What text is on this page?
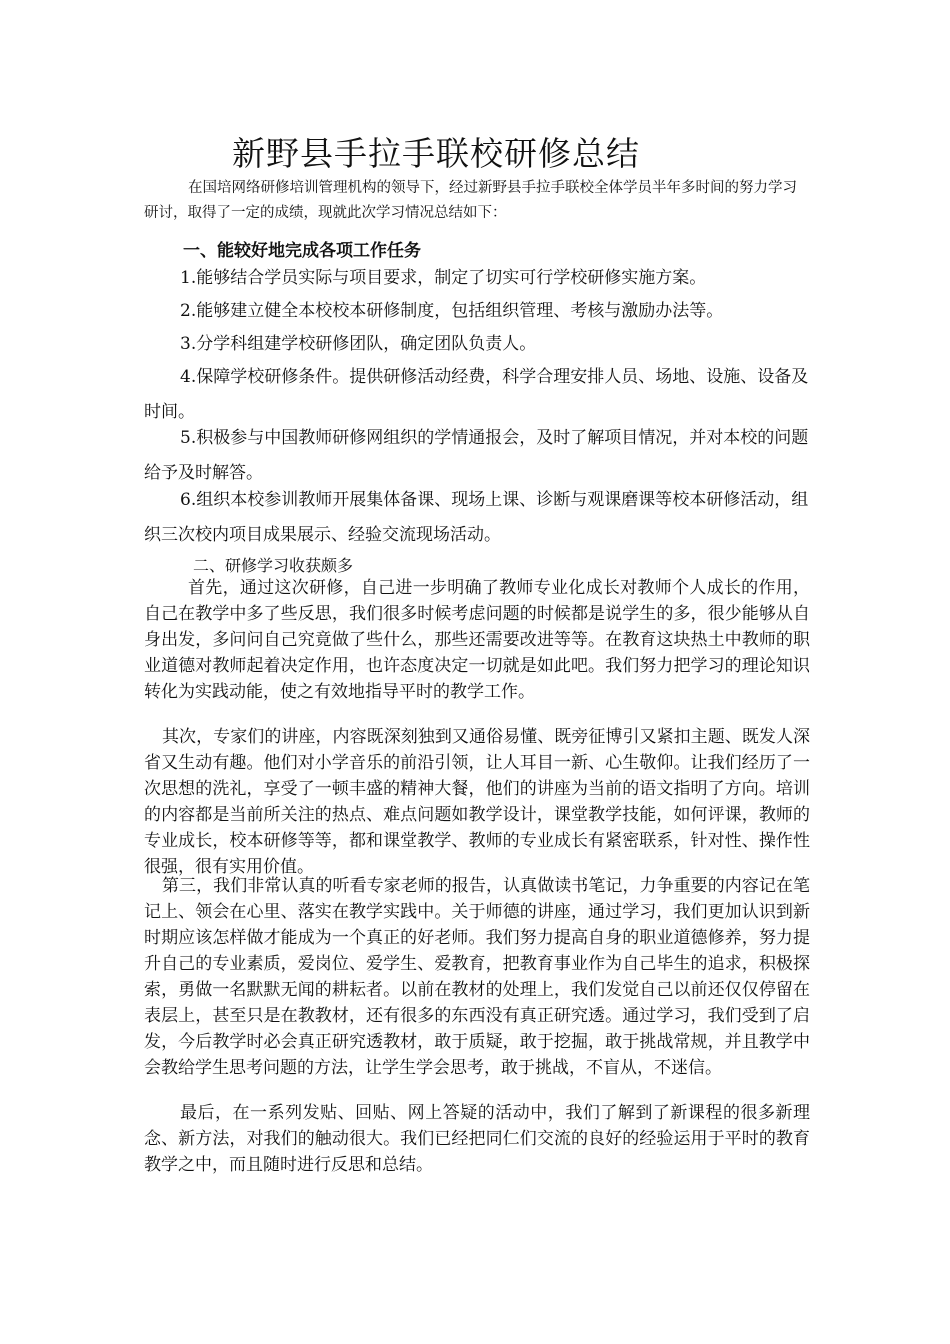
新野县手拉手联校研修总结
在国培网络研修培训管理机构的领导下，经过新野县手拉手联校全体学员半年多时间的努力学习研讨，取得了一定的成绩，现就此次学习情况总结如下：
一、能较好地完成各项工作任务
1.能够结合学员实际与项目要求，制定了切实可行学校研修实施方案。
2.能够建立健全本校校本研修制度，包括组织管理、考核与激励办法等。
3.分学科组建学校研修团队，确定团队负责人。
4.保障学校研修条件。提供研修活动经费，科学合理安排人员、场地、设施、设备及时间。
5.积极参与中国教师研修网组织的学情通报会，及时了解项目情况，并对本校的问题给予及时解答。
6.组织本校参训教师开展集体备课、现场上课、诊断与观课磨课等校本研修活动，组织三次校内项目成果展示、经验交流现场活动。
二、研修学习收获颇多
首先，通过这次研修，自己进一步明确了教师专业化成长对教师个人成长的作用，自己在教学中多了些反思，我们很多时候考虑问题的时候都是说学生的多，很少能够从自身出发，多问问自己究竟做了些什么，那些还需要改进等等。在教育这块热土中教师的职业道德对教师起着决定作用，也许态度决定一切就是如此吧。我们努力把学习的理论知识转化为实践动能，使之有效地指导平时的教学工作。
其次，专家们的讲座，内容既深刻独到又通俗易懂、既旁征博引又紧扣主题、既发人深省又生动有趣。他们对小学音乐的前沿引领，让人耳目一新、心生敬仰。让我们经历了一次思想的洗礼，享受了一顿丰盛的精神大餐，他们的讲座为当前的语文指明了方向。培训的内容都是当前所关注的热点、难点问题如教学设计，课堂教学技能，如何评课，教师的专业成长，校本研修等等，都和课堂教学、教师的专业成长有紧密联系，针对性、操作性很强，很有实用价值。
第三，我们非常认真的听看专家老师的报告，认真做读书笔记，力争重要的内容记在笔记上、领会在心里、落实在教学实践中。关于师德的讲座，通过学习，我们更加认识到新时期应该怎样做才能成为一个真正的好老师。我们努力提高自身的职业道德修养，努力提升自己的专业素质，爱岗位、爱学生、爱教育，把教育事业作为自己毕生的追求，积极探索，勇做一名默默无闻的耕耘者。以前在教材的处理上，我们发觉自己以前还仅仅停留在表层上，甚至只是在教教材，还有很多的东西没有真正研究透。通过学习，我们受到了启发，今后教学时必会真正研究透教材，敢于质疑，敢于挖掘，敢于挑战常规，并且教学中会教给学生思考问题的方法，让学生学会思考，敢于挑战，不盲从，不迷信。
最后，在一系列发贴、回贴、网上答疑的活动中，我们了解到了新课程的很多新理念、新方法，对我们的触动很大。我们已经把同仁们交流的良好的经验运用于平时的教育教学之中，而且随时进行反思和总结。
